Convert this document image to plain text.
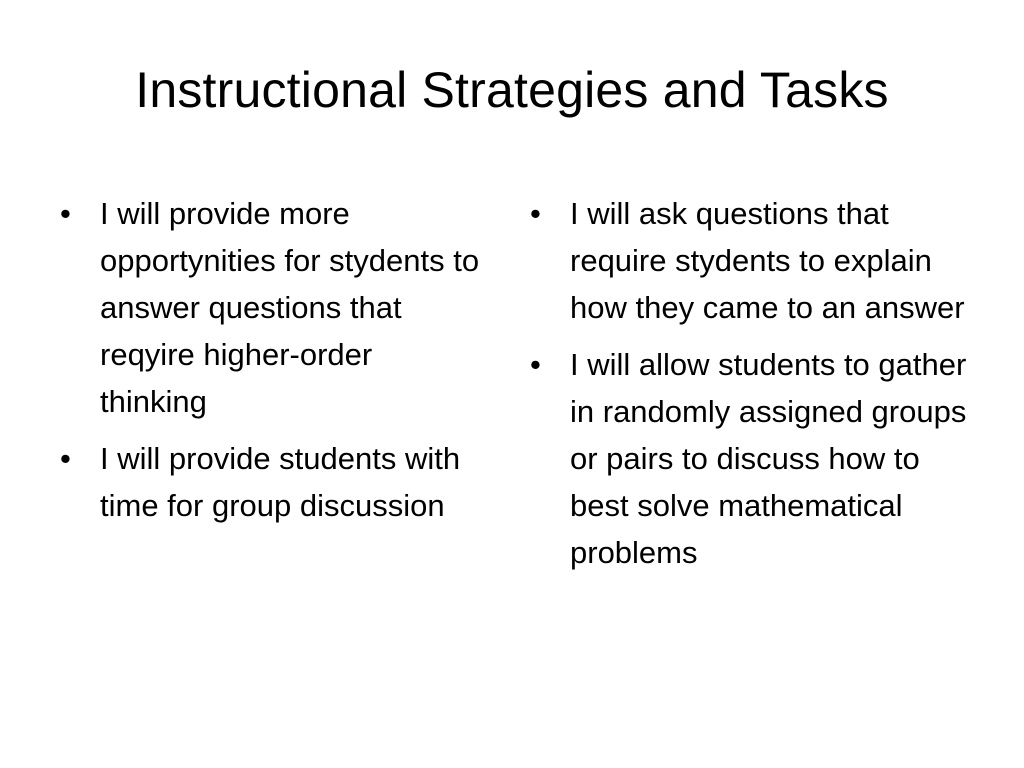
Instructional Strategies and Tasks
• I will provide more opportynities for stydents to answer questions that reqyire higher-order thinking
• I will provide students with time for group discussion
• I will ask questions that require stydents to explain how they came to an answer
• I will allow students to gather in randomly assigned groups or pairs to discuss how to best solve mathematical problems
